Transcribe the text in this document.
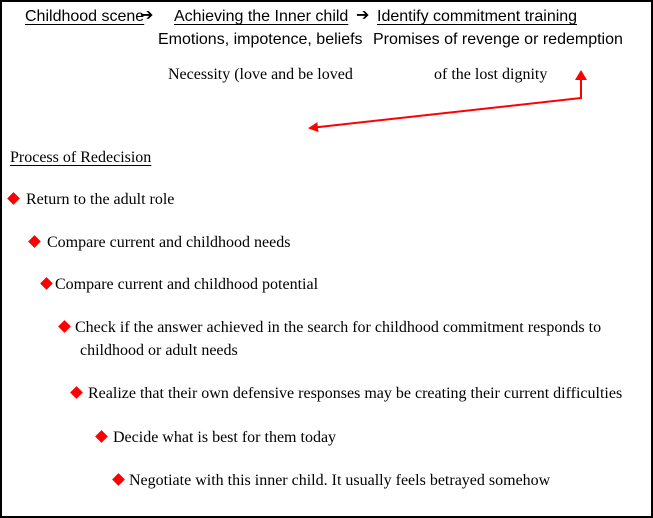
Childhood scene
➔ Achieving the Inner child ➔ Identify commitment training
Emotions, impotence, beliefs Promises of revenge or redemption
Necessity (love and be loved	of the lost dignity
Process of Redecision
Return to the adult role
Compare current and childhood needs
Compare current and childhood potential
Check if the answer achieved in the search for childhood commitment responds to
childhood or adult needs
Realize that their own defensive responses may be creating their current difficulties
Decide what is best for them today
Negotiate with this inner child. It usually feels betrayed somehow
